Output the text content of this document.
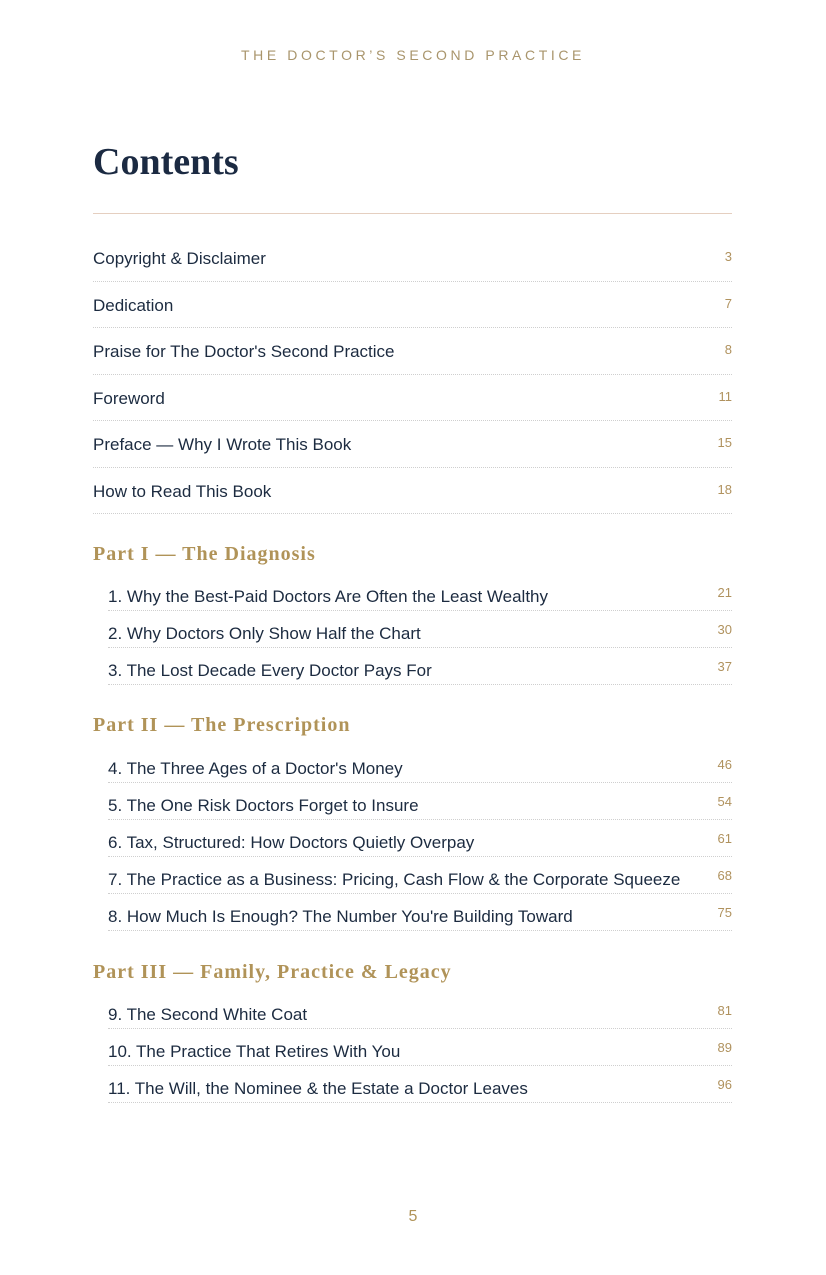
THE DOCTOR’S SECOND PRACTICE
Contents
Copyright & Disclaimer	3
Dedication	7
Praise for The Doctor's Second Practice	8
Foreword	11
Preface — Why I Wrote This Book	15
How to Read This Book	18
Part I — The Diagnosis
1. Why the Best-Paid Doctors Are Often the Least Wealthy	21
2. Why Doctors Only Show Half the Chart	30
3. The Lost Decade Every Doctor Pays For	37
Part II — The Prescription
4. The Three Ages of a Doctor's Money	46
5. The One Risk Doctors Forget to Insure	54
6. Tax, Structured: How Doctors Quietly Overpay	61
7. The Practice as a Business: Pricing, Cash Flow & the Corporate Squeeze	68
8. How Much Is Enough? The Number You're Building Toward	75
Part III — Family, Practice & Legacy
9. The Second White Coat	81
10. The Practice That Retires With You	89
11. The Will, the Nominee & the Estate a Doctor Leaves	96
5
